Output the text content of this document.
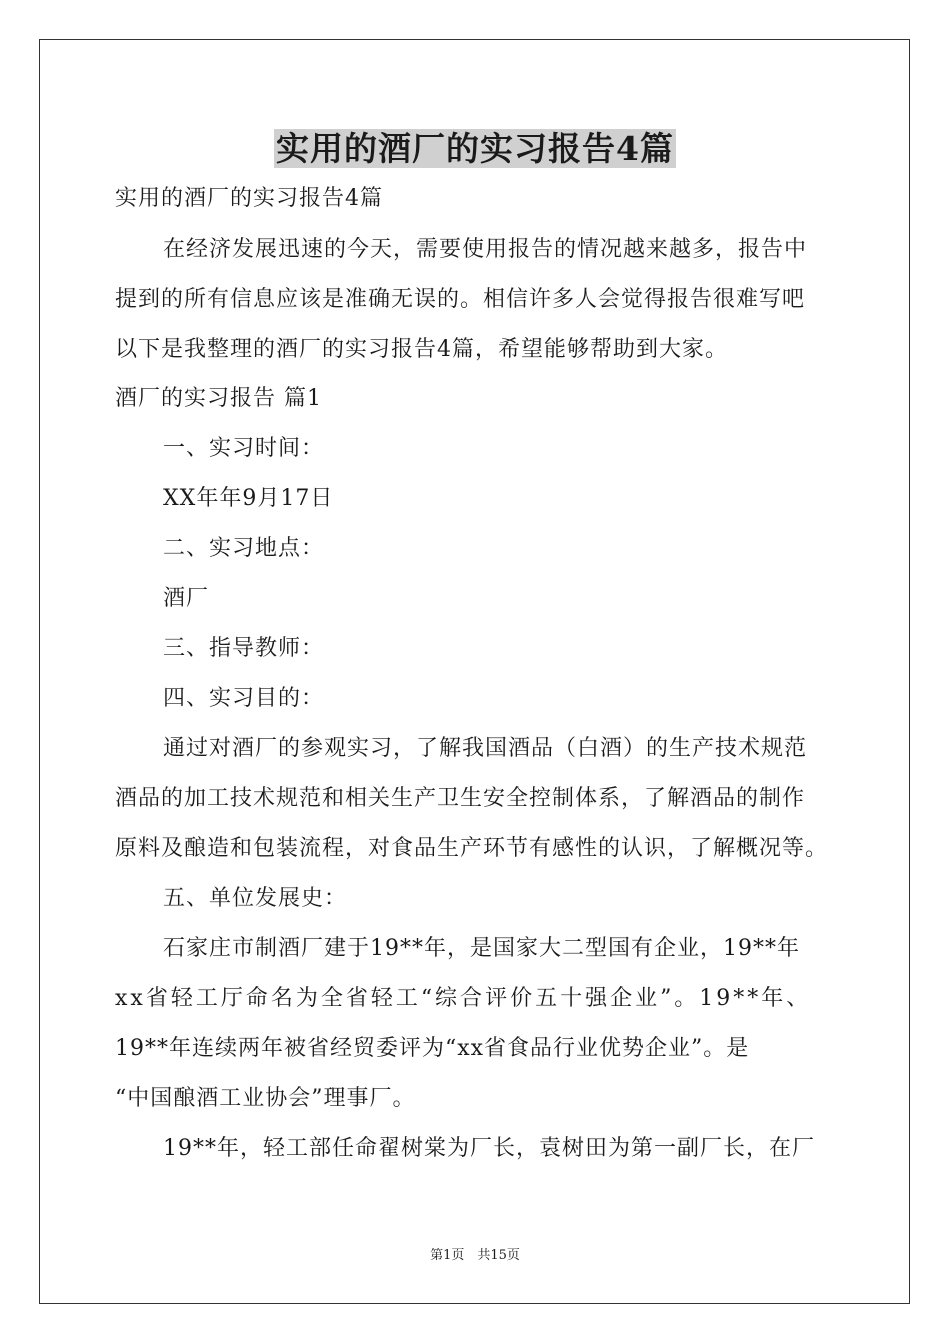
实用的酒厂的实习报告4篇
实用的酒厂的实习报告4篇
在经济发展迅速的今天，需要使用报告的情况越来越多，报告中
提到的所有信息应该是准确无误的。相信许多人会觉得报告很难写吧
以下是我整理的酒厂的实习报告4篇，希望能够帮助到大家。
酒厂的实习报告 篇1
一、实习时间：
XX年年9月17日
二、实习地点：
酒厂
三、指导教师：
四、实习目的：
通过对酒厂的参观实习，了解我国酒品（白酒）的生产技术规范
酒品的加工技术规范和相关生产卫生安全控制体系，了解酒品的制作
原料及酿造和包装流程，对食品生产环节有感性的认识，了解概况等。
五、单位发展史：
石家庄市制酒厂建于19**年，是国家大二型国有企业，19**年
xx省轻工厅命名为全省轻工“综合评价五十强企业”。19**年、
19**年连续两年被省经贸委评为“xx省食品行业优势企业”。是
“中国酿酒工业协会”理事厂。
19**年，轻工部任命翟树棠为厂长，袁树田为第一副厂长，在厂
第1页　共15页
